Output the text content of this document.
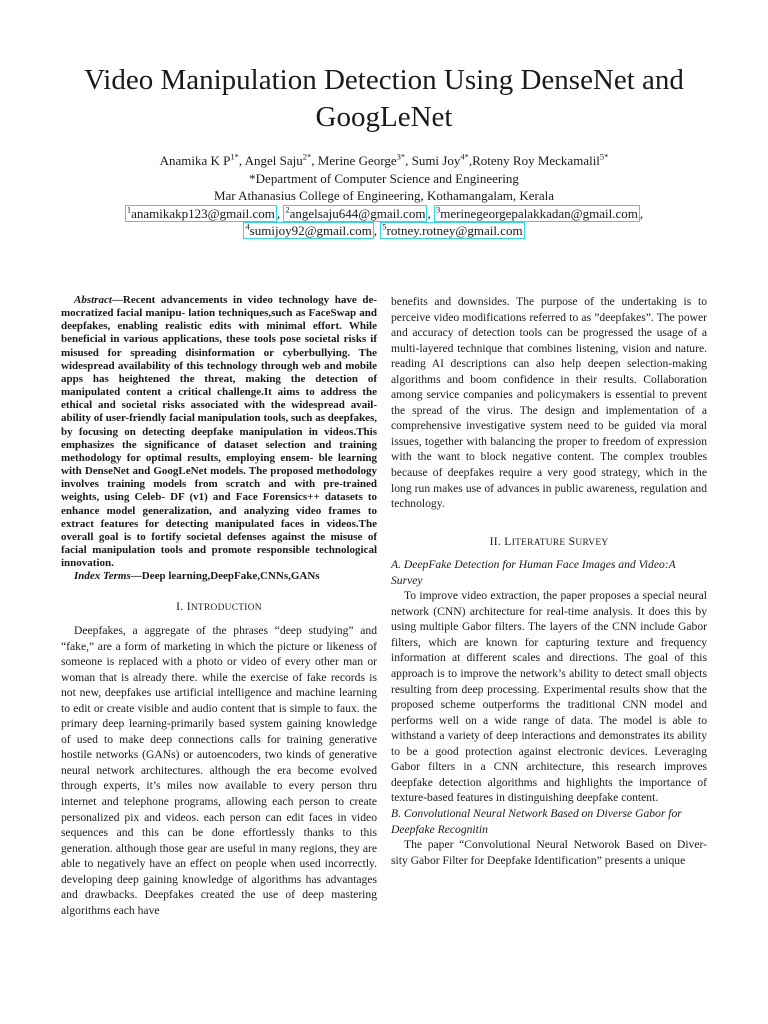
Video Manipulation Detection Using DenseNet and GoogLeNet
Anamika K $P^{1*}$, Angel Saju$^{2*}$, Merine George$^{3*}$, Sumi Joy$^{4*}$,Roteny Roy Meckamalil$^{5*}$
*Department of Computer Science and Engineering
Mar Athanasius College of Engineering, Kothamangalam, Kerala
$^1$anamikakp123@gmail.com , $^2$angelsaju644@gmail.com , $^3$merinegeorgepalakkadan@gmail.com ,
$^4$sumijoy92@gmail.com , $^5$rotney.rotney@gmail.com

Abstract—Recent advancements in video technology have de- mocratized facial manipu- lation techniques,such as FaceSwap and deepfakes, enabling realistic edits with minimal effort. While beneficial in various applications, these tools pose societal risks if misused for spreading disinformation or cyberbullying. The widespread availability of this technology through web and mobile apps has heightened the threat, making the detection of manipulated content a critical challenge.It aims to address the ethical and societal risks associated with the widespread avail- ability of user-friendly facial manipulation tools, such as deepfakes, by focusing on detecting deepfake manipulation in videos.This emphasizes the significance of dataset selection and training methodology for optimal results, employing ensem- ble learning with DenseNet and GoogLeNet models. The proposed methodology involves training models from scratch and with pre-trained weights, using Celeb- DF (v1) and Face Forensics++ datasets to enhance model generalization, and analyzing video frames to extract features for detecting manipulated faces in videos.The overall goal is to fortify societal defenses against the misuse of facial manipulation tools and promote responsible technological innovation.

Index Terms—Deep learning,DeepFake,CNNs,GANs

I. INTRODUCTION

Deepfakes, a aggregate of the phrases “deep studying” and “fake,” are a form of marketing in which the picture or likeness of someone is replaced with a photo or video of every other man or woman that is already there. while the exercise of fake records is not new, deepfakes use artificial intelligence and machine learning to edit or create visible and audio content that is simple to faux. the primary deep learning-primarily based system gaining knowledge of used to make deep connections calls for training generative hostile networks (GANs) or autoencoders, two kinds of generative neural network architectures. although the era become evolved through experts, it’s miles now available to every person thru internet and telephone programs, allowing each person to create personalized pix and videos. each person can edit faces in video sequences and this can be done effortlessly thanks to this generation. although those gear are useful in many regions, they are able to negatively have an effect on people when used incorrectly. developing deep gaining knowledge of algorithms has advantages and drawbacks. Deepfakes created the use of deep mastering algorithms each have

benefits and downsides. The purpose of the undertaking is to perceive video modifications referred to as ”deepfakes”. The power and accuracy of detection tools can be progressed the usage of a multi-layered technique that combines listening, vision and nature. reading AI descriptions can also help deepen selection-making algorithms and boom confidence in their results. Collaboration among service companies and policymakers is essential to prevent the spread of the virus. The design and implementation of a comprehensive investigative system need to be guided via moral issues, together with balancing the proper to freedom of expression with the want to block negative content. The complex troubles because of deepfakes require a very good strategy, which in the long run makes use of advances in public awareness, regulation and technology.

II. LITERATURE SURVEY

A. DeepFake Detection for Human Face Images and Video:A Survey

To improve video extraction, the paper proposes a special neural network (CNN) architecture for real-time analysis. It does this by using multiple Gabor filters. The layers of the CNN include Gabor filters, which are known for capturing texture and frequency information at different scales and directions. The goal of this approach is to improve the network’s ability to detect small objects resulting from deep processing. Experimental results show that the proposed scheme outperforms the traditional CNN model and performs well on a wide range of data. The model is able to withstand a variety of deep interactions and demonstrates its ability to be a good protection against electronic devices. Leveraging Gabor filters in a CNN architecture, this research improves deepfake detection algorithms and highlights the importance of texture-based features in distinguishing deepfake content.

B. Convolutional Neural Network Based on Diverse Gabor for Deepfake Recognitin

The paper “Convolutional Neural Networok Based on Diver- sity Gabor Filter for Deepfake Identification” presents a unique
